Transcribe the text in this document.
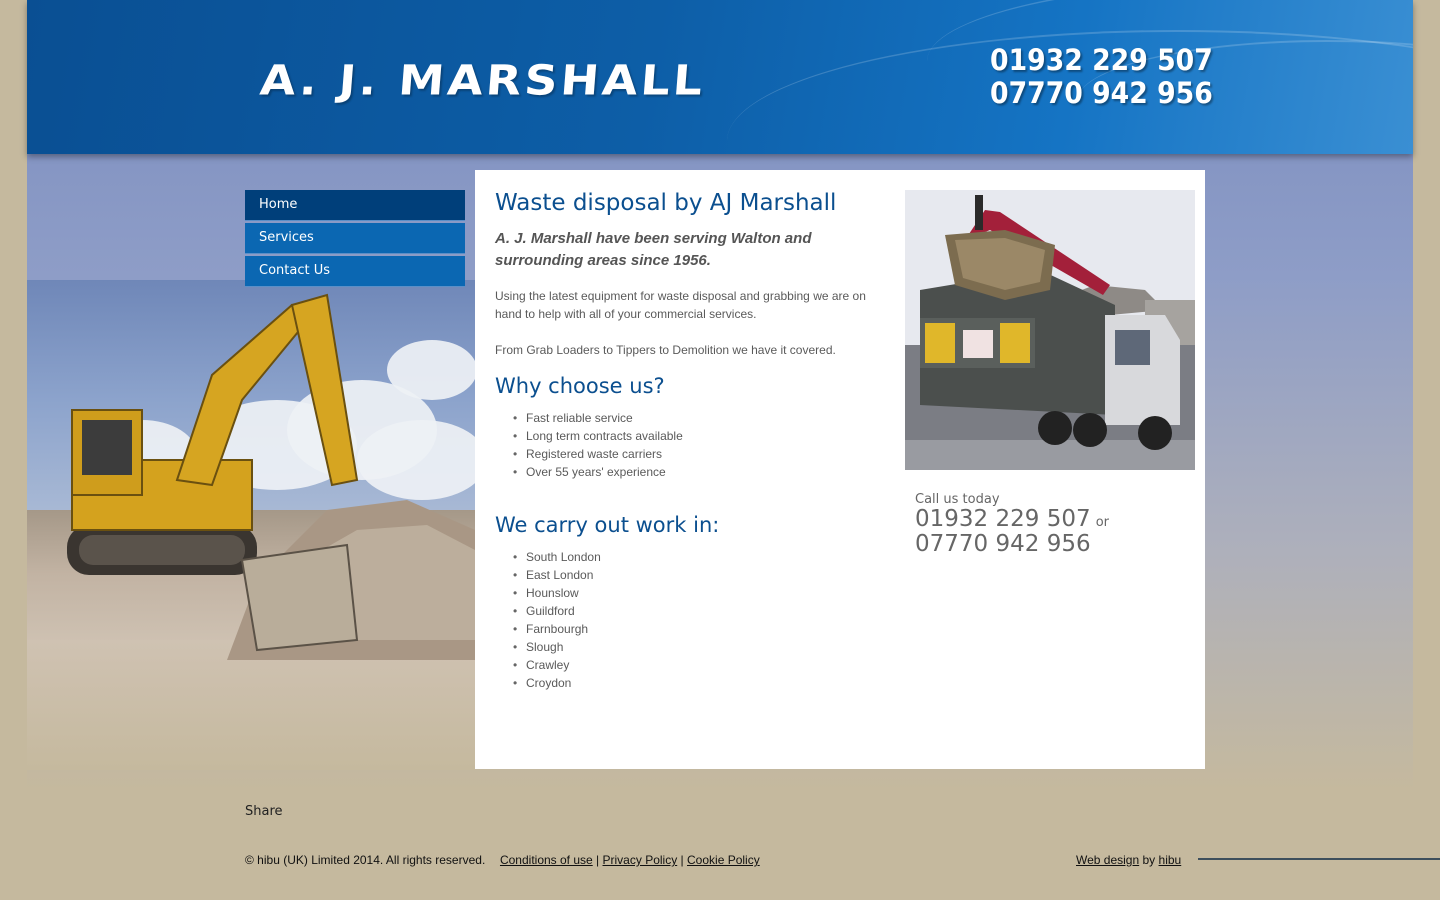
A. J. MARSHALL	01932 229 507
07770 942 956
Home
Services
Contact Us
Waste disposal by AJ Marshall

A. J. Marshall have been serving Walton and surrounding areas since 1956.

Using the latest equipment for waste disposal and grabbing we are on hand to help with all of your commercial services.

From Grab Loaders to Tippers to Demolition we have it covered.

Why choose us?
• Fast reliable service
• Long term contracts available
• Registered waste carriers
• Over 55 years' experience
We carry out work in:
• South London
• East London
• Hounslow
• Guildford
• Farnbourgh
• Slough
• Crawley
• Croydon
Call us today
01932 229 507 or
07770 942 956
Share
© hibu (UK) Limited 2014. All rights reserved. Conditions of use | Privacy Policy | Cookie Policy	Web design by hibu
